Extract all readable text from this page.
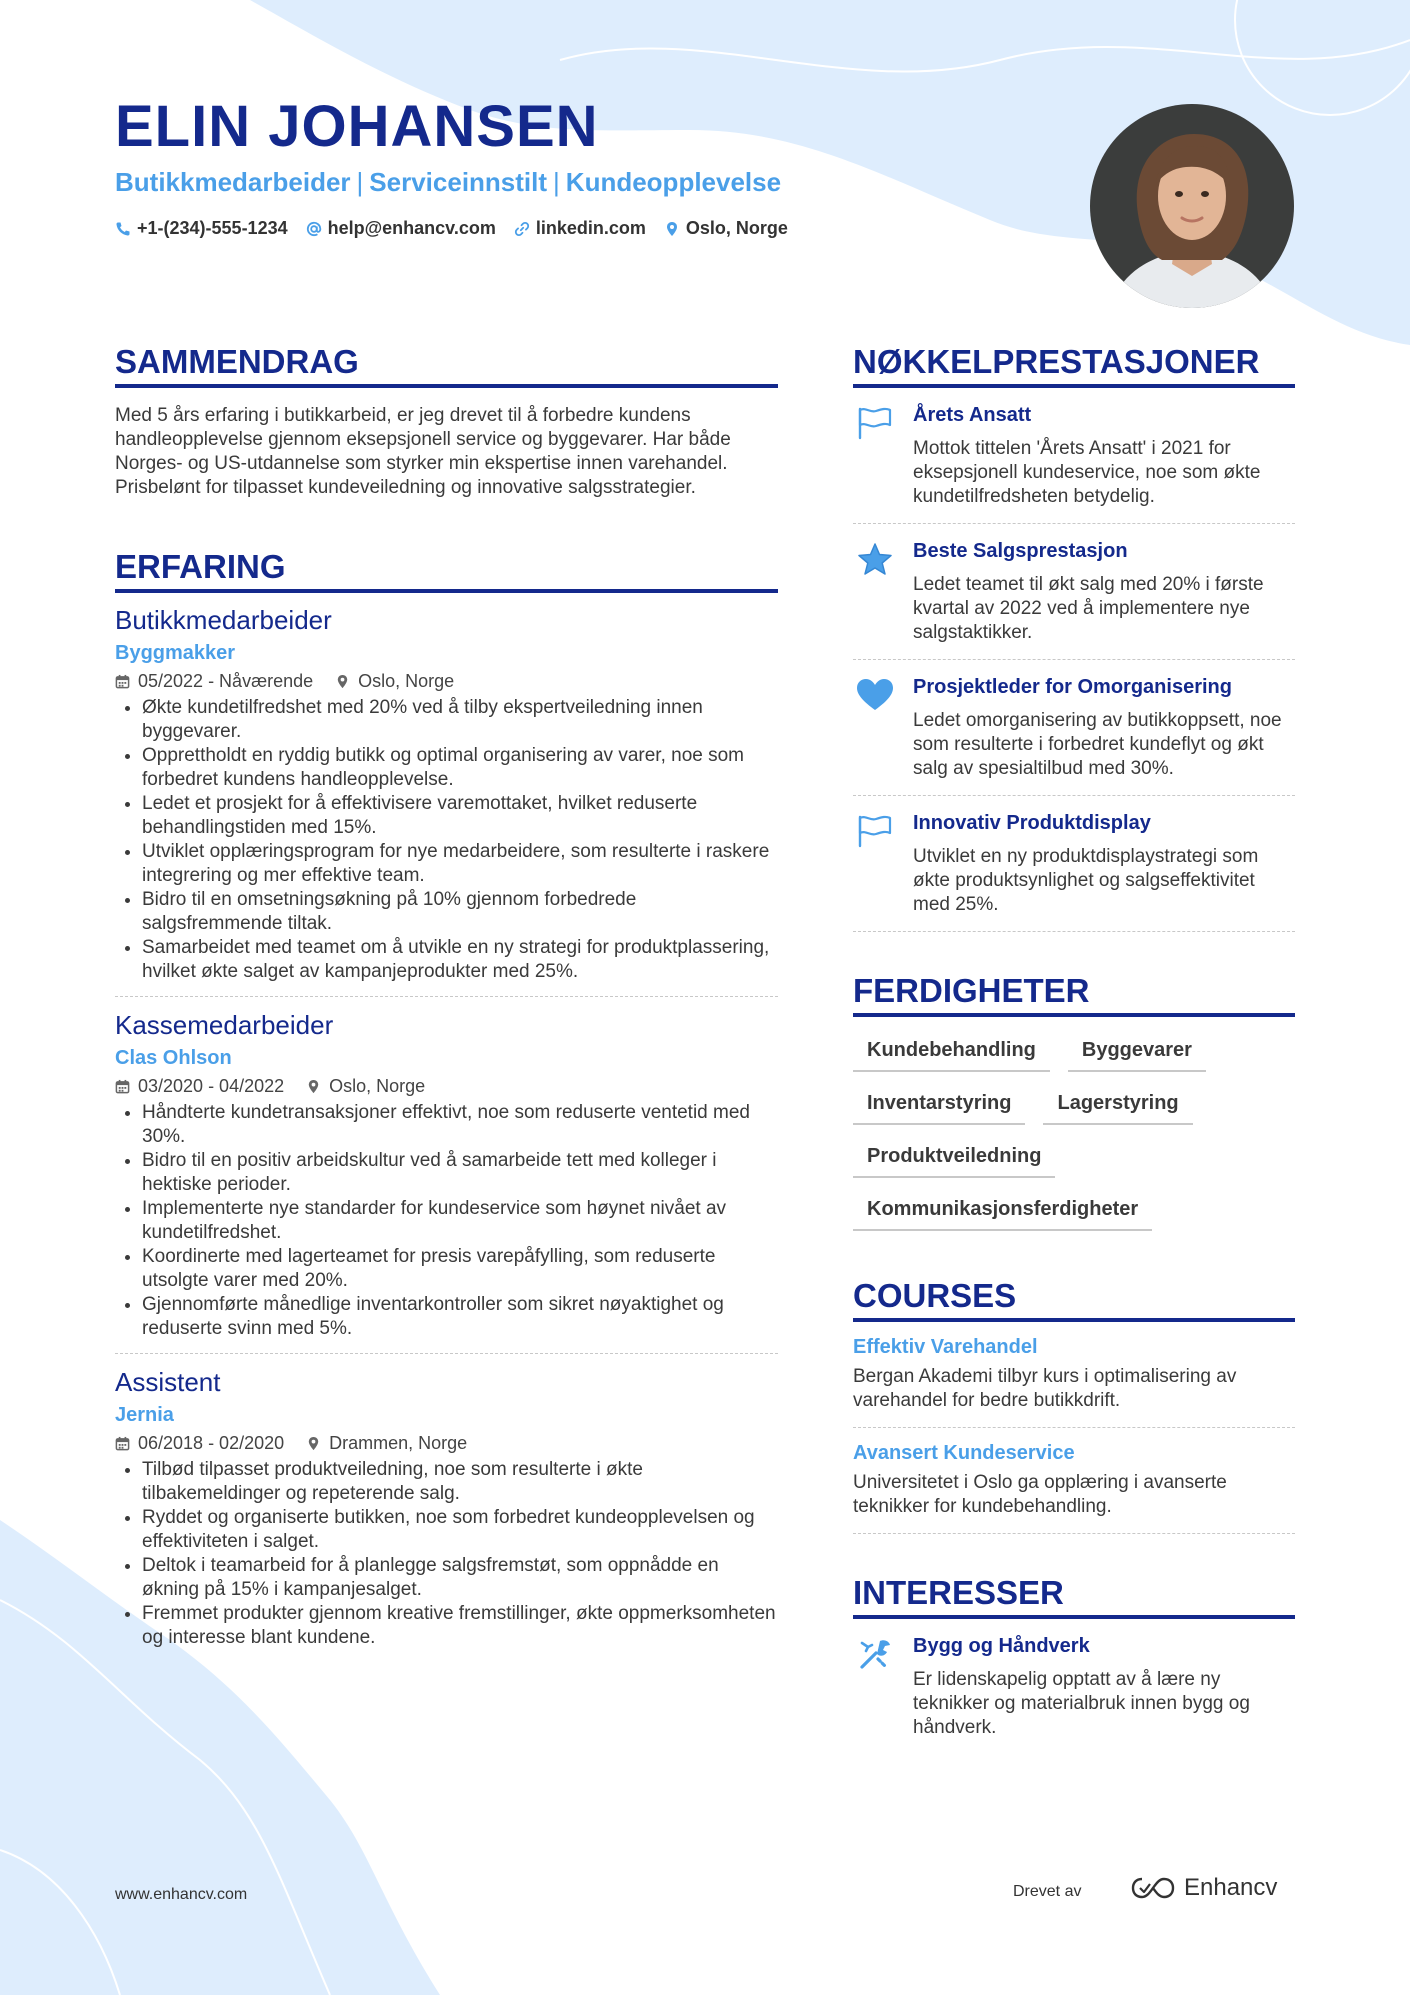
ELIN JOHANSEN
Butikkmedarbeider | Serviceinnstilt | Kundeopplevelse
+1-(234)-555-1234 help@enhancv.com linkedin.com Oslo, Norge
SAMMENDRAG

Med 5 års erfaring i butikkarbeid, er jeg drevet til å forbedre kundens handleopplevelse gjennom eksepsjonell service og byggevarer. Har både Norges- og US-utdannelse som styrker min ekspertise innen varehandel. Prisbelønt for tilpasset kundeveiledning og innovative salgsstrategier.

ERFARING
Butikkmedarbeider
Byggmakker
05/2022 - Nåværende	Oslo, Norge
• Økte kundetilfredshet med 20% ved å tilby ekspertveiledning innen byggevarer.
• Opprettholdt en ryddig butikk og optimal organisering av varer, noe som forbedret kundens handleopplevelse.
• Ledet et prosjekt for å effektivisere varemottaket, hvilket reduserte behandlingstiden med 15%.
• Utviklet opplæringsprogram for nye medarbeidere, som resulterte i raskere integrering og mer effektive team.
• Bidro til en omsetningsøkning på 10% gjennom forbedrede salgsfremmende tiltak.
• Samarbeidet med teamet om å utvikle en ny strategi for produktplassering, hvilket økte salget av kampanjeprodukter med 25%.
Kassemedarbeider
Clas Ohlson
03/2020 - 04/2022	Oslo, Norge
• Håndterte kundetransaksjoner effektivt, noe som reduserte ventetid med 30%.
• Bidro til en positiv arbeidskultur ved å samarbeide tett med kolleger i hektiske perioder.
• Implementerte nye standarder for kundeservice som høynet nivået av kundetilfredshet.
• Koordinerte med lagerteamet for presis varepåfylling, som reduserte utsolgte varer med 20%.
• Gjennomførte månedlige inventarkontroller som sikret nøyaktighet og reduserte svinn med 5%.
Assistent
Jernia
06/2018 - 02/2020	Drammen, Norge
• Tilbød tilpasset produktveiledning, noe som resulterte i økte tilbakemeldinger og repeterende salg.
• Ryddet og organiserte butikken, noe som forbedret kundeopplevelsen og effektiviteten i salget.
• Deltok i teamarbeid for å planlegge salgsfremstøt, som oppnådde en økning på 15% i kampanjesalget.
• Fremmet produkter gjennom kreative fremstillinger, økte oppmerksomheten og interesse blant kundene.
NØKKELPRESTASJONER
Årets Ansatt
Mottok tittelen 'Årets Ansatt' i 2021 for eksepsjonell kundeservice, noe som økte kundetilfredsheten betydelig.
Beste Salgsprestasjon
Ledet teamet til økt salg med 20% i første kvartal av 2022 ved å implementere nye salgstaktikker.
Prosjektleder for Omorganisering
Ledet omorganisering av butikkoppsett, noe som resulterte i forbedret kundeflyt og økt salg av spesialtilbud med 30%.
Innovativ Produktdisplay
Utviklet en ny produktdisplaystrategi som økte produktsynlighet og salgseffektivitet med 25%.
FERDIGHETER
Kundebehandling	Byggevarer
Inventarstyring	Lagerstyring
Produktveiledning
Kommunikasjonsferdigheter
COURSES
Effektiv Varehandel
Bergan Akademi tilbyr kurs i optimalisering av varehandel for bedre butikkdrift.
Avansert Kundeservice
Universitetet i Oslo ga opplæring i avanserte teknikker for kundebehandling.
INTERESSER
Bygg og Håndverk
Er lidenskapelig opptatt av å lære ny teknikker og materialbruk innen bygg og håndverk.
www.enhancv.com	Drevet av	Enhancv
